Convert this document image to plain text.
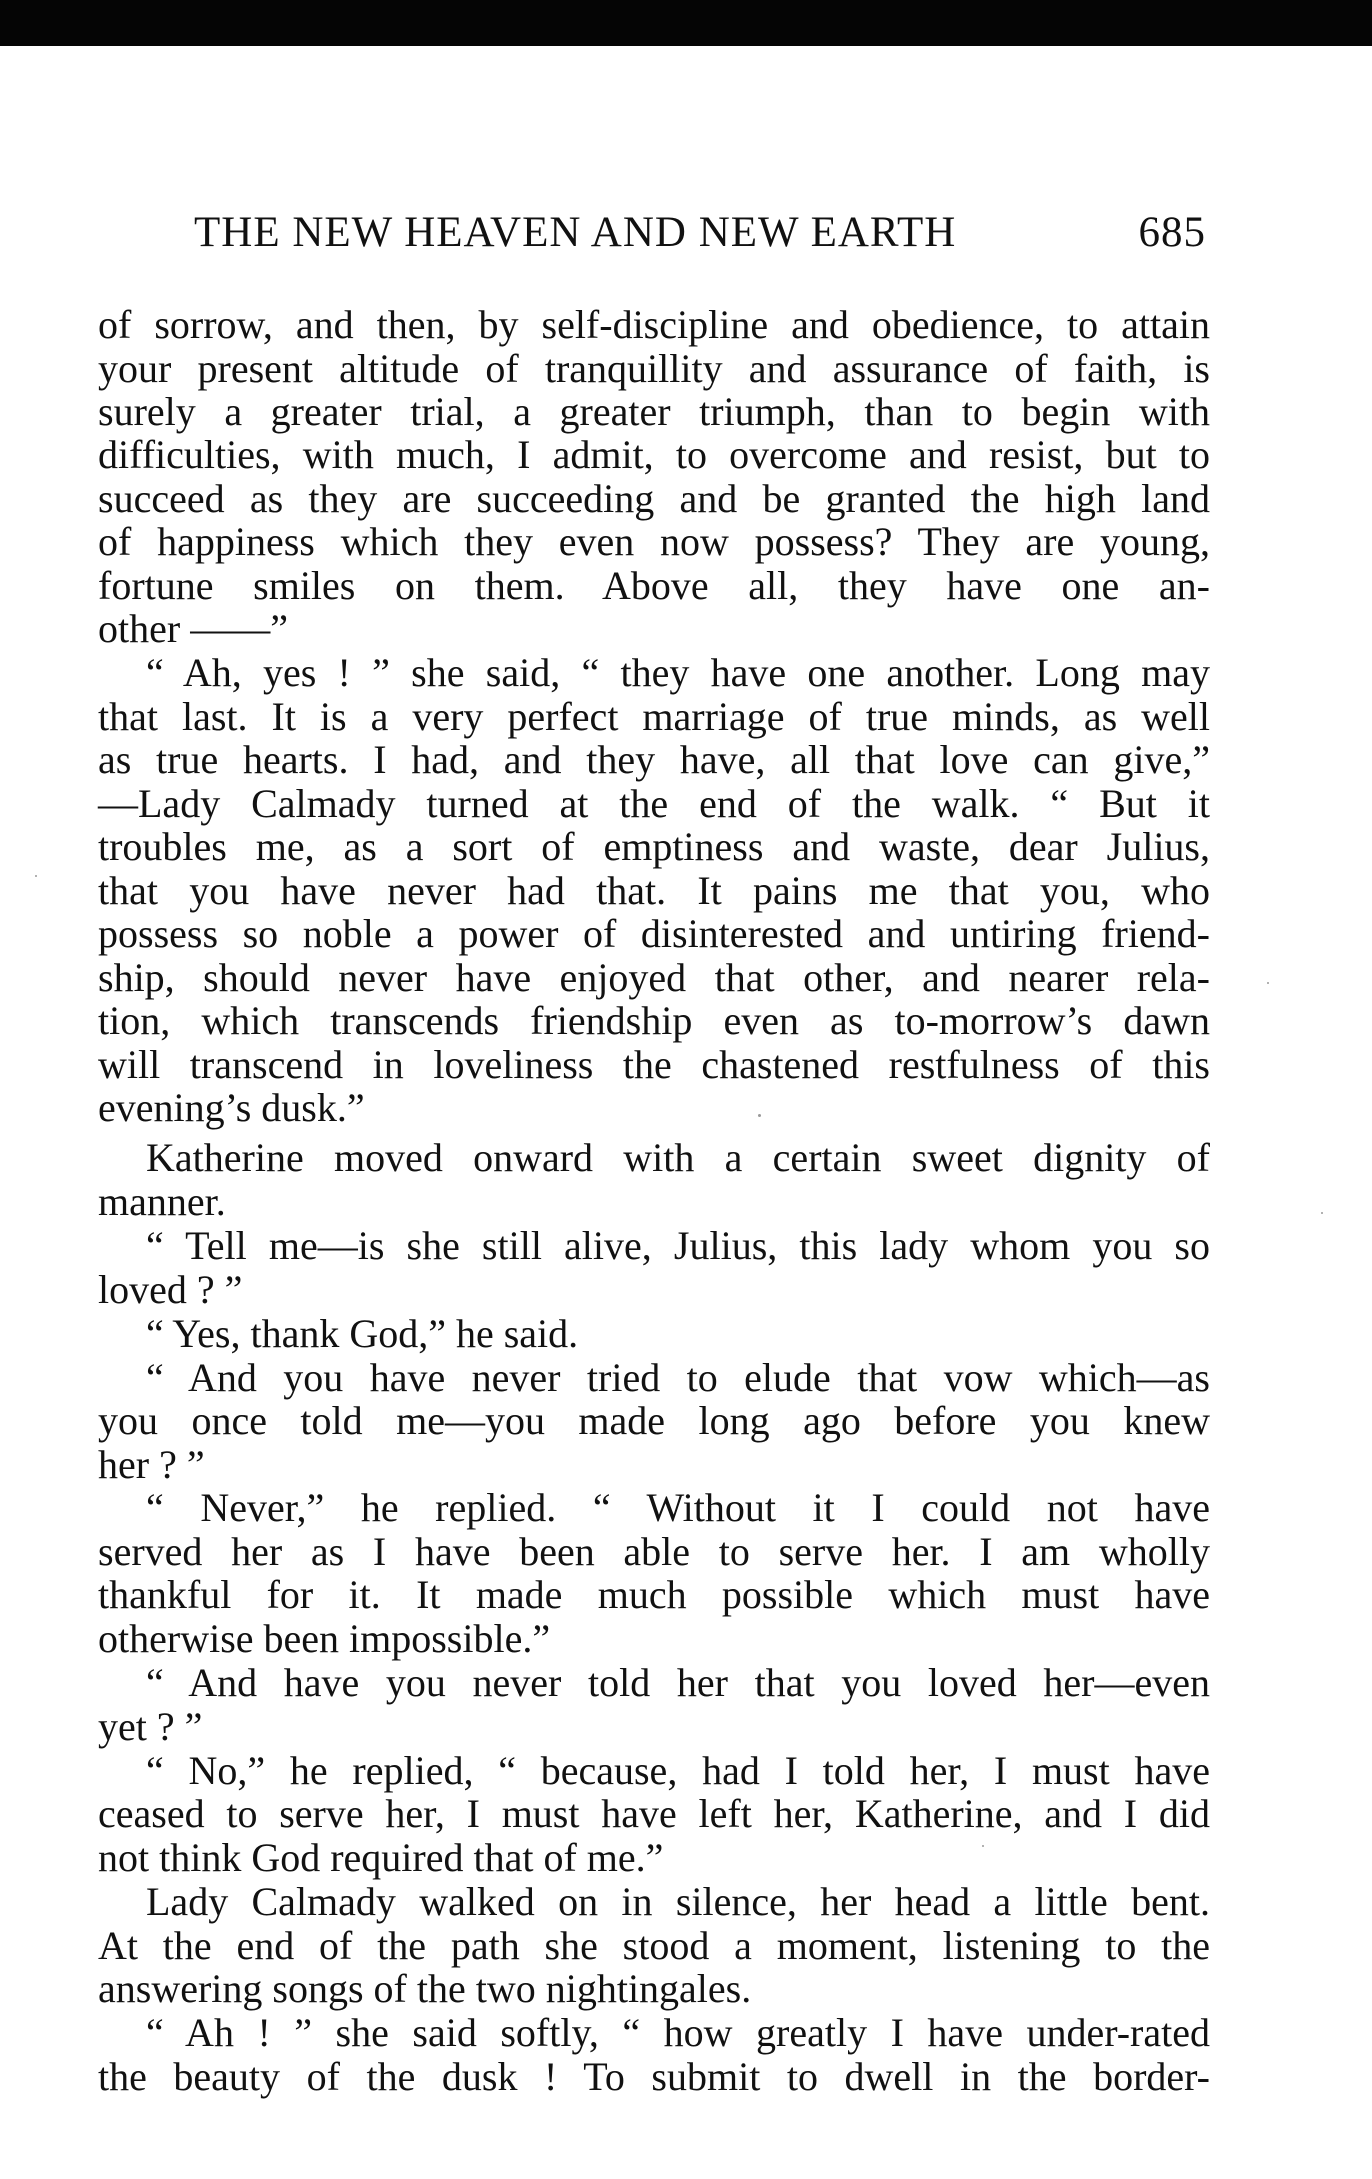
THE NEW HEAVEN AND NEW EARTH	685
of sorrow, and then, by self-discipline and obedience, to attain
your present altitude of tranquillity and assurance of faith, is
surely a greater trial, a greater triumph, than to begin with
difficulties, with much, I admit, to overcome and resist, but to
succeed as they are succeeding and be granted the high land
of happiness which they even now possess? They are young,
fortune smiles on them. Above all, they have one an-
other ——”
“ Ah, yes ! ” she said, “ they have one another. Long may
that last. It is a very perfect marriage of true minds, as well
as true hearts. I had, and they have, all that love can give,”
—Lady Calmady turned at the end of the walk. “ But it
troubles me, as a sort of emptiness and waste, dear Julius,
that you have never had that. It pains me that you, who
possess so noble a power of disinterested and untiring friend-
ship, should never have enjoyed that other, and nearer rela-
tion, which transcends friendship even as to-morrow’s dawn
will transcend in loveliness the chastened restfulness of this
evening’s dusk.”
Katherine moved onward with a certain sweet dignity of
manner.
“ Tell me—is she still alive, Julius, this lady whom you so
loved ? ”
“ Yes, thank God,” he said.
“ And you have never tried to elude that vow which—as
you once told me—you made long ago before you knew
her ? ”
“ Never,” he replied. “ Without it I could not have
served her as I have been able to serve her. I am wholly
thankful for it. It made much possible which must have
otherwise been impossible.”
“ And have you never told her that you loved her—even
yet ? ”
“ No,” he replied, “ because, had I told her, I must have
ceased to serve her, I must have left her, Katherine, and I did
not think God required that of me.”
Lady Calmady walked on in silence, her head a little bent.
At the end of the path she stood a moment, listening to the
answering songs of the two nightingales.
“ Ah ! ” she said softly, “ how greatly I have under-rated
the beauty of the dusk ! To submit to dwell in the border-
